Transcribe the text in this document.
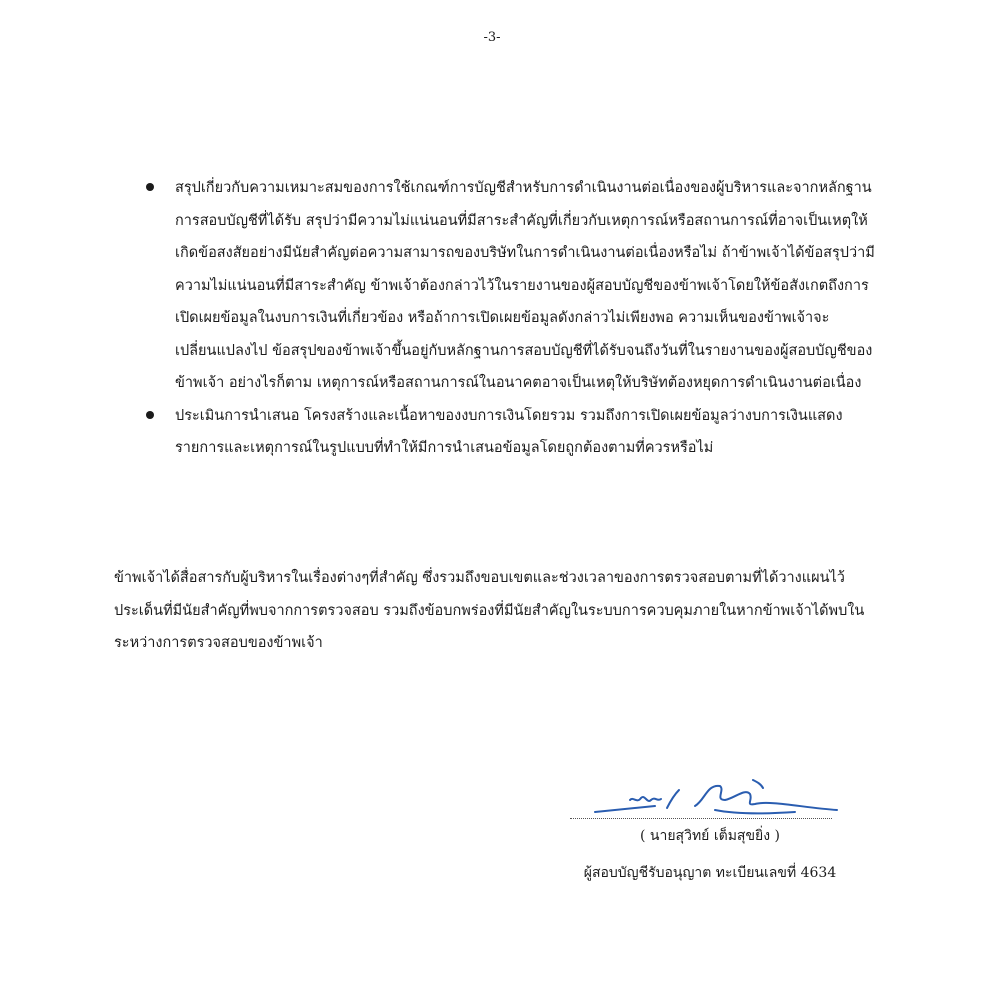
-3-
สรุปเกี่ยวกับความเหมาะสมของการใช้เกณฑ์การบัญชีสำหรับการดำเนินงานต่อเนื่องของผู้บริหารและจากหลักฐานการสอบบัญชีที่ได้รับ สรุปว่ามีความไม่แน่นอนที่มีสาระสำคัญที่เกี่ยวกับเหตุการณ์หรือสถานการณ์ที่อาจเป็นเหตุให้เกิดข้อสงสัยอย่างมีนัยสำคัญต่อความสามารถของบริษัทในการดำเนินงานต่อเนื่องหรือไม่ ถ้าข้าพเจ้าได้ข้อสรุปว่ามีความไม่แน่นอนที่มีสาระสำคัญ ข้าพเจ้าต้องกล่าวไว้ในรายงานของผู้สอบบัญชีของข้าพเจ้าโดยให้ข้อสังเกตถึงการเปิดเผยข้อมูลในงบการเงินที่เกี่ยวข้อง หรือถ้าการเปิดเผยข้อมูลดังกล่าวไม่เพียงพอ ความเห็นของข้าพเจ้าจะเปลี่ยนแปลงไป ข้อสรุปของข้าพเจ้าขึ้นอยู่กับหลักฐานการสอบบัญชีที่ได้รับจนถึงวันที่ในรายงานของผู้สอบบัญชีของข้าพเจ้า อย่างไรก็ตาม เหตุการณ์หรือสถานการณ์ในอนาคตอาจเป็นเหตุให้บริษัทต้องหยุดการดำเนินงานต่อเนื่อง
ประเมินการนำเสนอ โครงสร้างและเนื้อหาของงบการเงินโดยรวม รวมถึงการเปิดเผยข้อมูลว่างบการเงินแสดงรายการและเหตุการณ์ในรูปแบบที่ทำให้มีการนำเสนอข้อมูลโดยถูกต้องตามที่ควรหรือไม่

ข้าพเจ้าได้สื่อสารกับผู้บริหารในเรื่องต่างๆที่สำคัญ ซึ่งรวมถึงขอบเขตและช่วงเวลาของการตรวจสอบตามที่ได้วางแผนไว้ ประเด็นที่มีนัยสำคัญที่พบจากการตรวจสอบ รวมถึงข้อบกพร่องที่มีนัยสำคัญในระบบการควบคุมภายในหากข้าพเจ้าได้พบในระหว่างการตรวจสอบของข้าพเจ้า

( นายสุวิทย์ เต็มสุขยิ่ง )
ผู้สอบบัญชีรับอนุญาต ทะเบียนเลขที่ 4634
